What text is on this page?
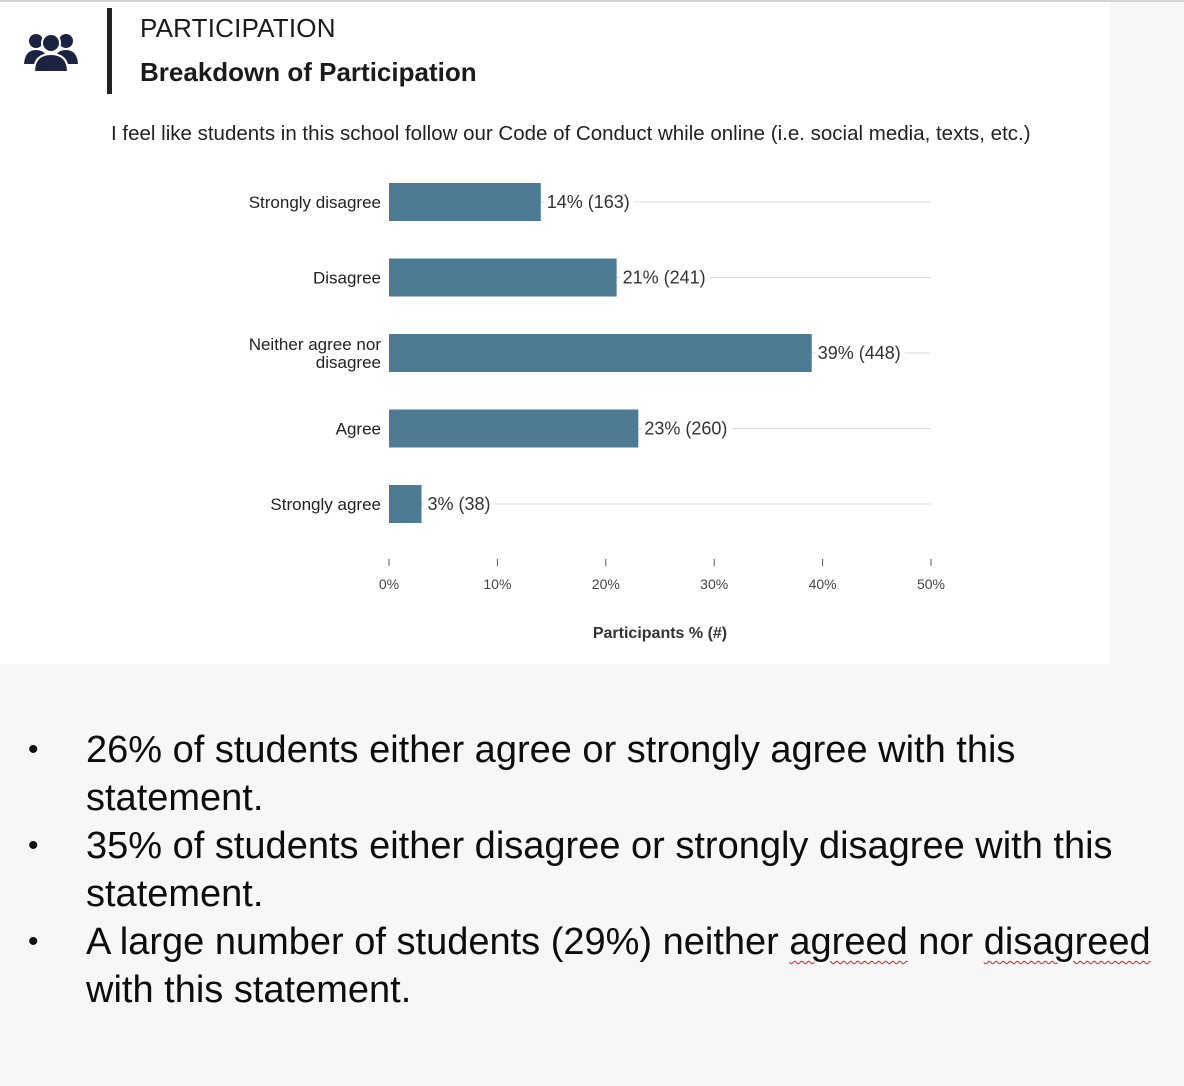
PARTICIPATION
Breakdown of Participation
I feel like students in this school follow our Code of Conduct while online (i.e. social media, texts, etc.)
14% (163)
Strongly disagree
21% (241)
Disagree
39% (448)
Neither agree nor
disagree
23% (260)
Agree
3% (38)
Strongly agree
0%	10%	20%	30%	40%	50%
Participants % (#)
• 26% of students either agree or strongly agree with this statement.
• 35% of students either disagree or strongly disagree with this statement.
• A large number of students (29%) neither agreed nor disagreed with this statement.
